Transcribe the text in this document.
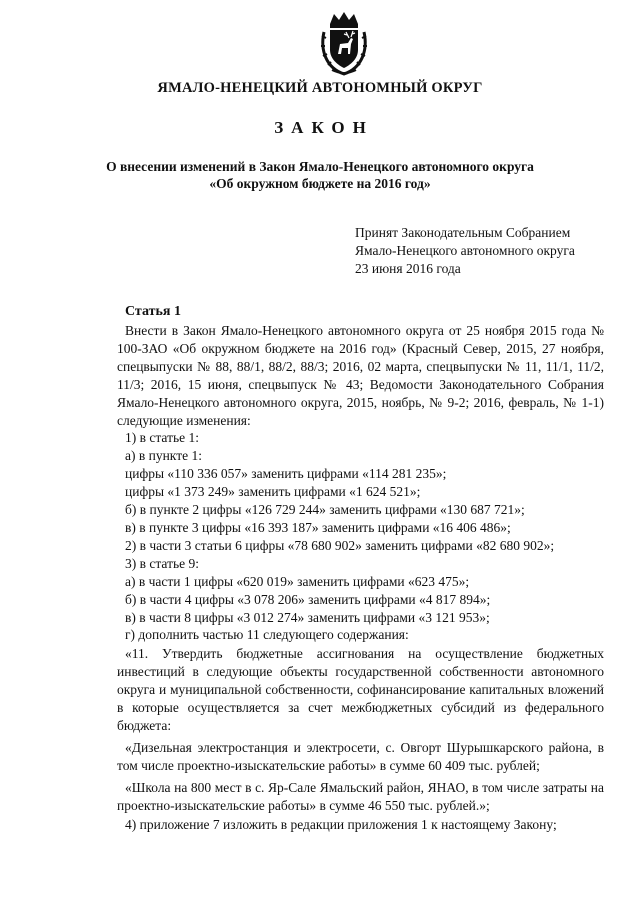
ЯМАЛО-НЕНЕЦКИЙ АВТОНОМНЫЙ ОКРУГ
ЗАКОН
О внесении изменений в Закон Ямало-Ненецкого автономного округа
«Об окружном бюджете на 2016 год»
Принят Законодательным Собранием
Ямало-Ненецкого автономного округа
23 июня 2016 года
Статья 1

Внести в Закон Ямало-Ненецкого автономного округа от 25 ноября 2015 года № 100-ЗАО «Об окружном бюджете на 2016 год» (Красный Север, 2015, 27 ноября, спецвыпуски № 88, 88/1, 88/2, 88/3; 2016, 02 марта, спецвыпуски № 11, 11/1, 11/2, 11/3; 2016, 15 июня, спецвыпуск № 43; Ведомости Законодательного Собрания Ямало-Ненецкого автономного округа, 2015, ноябрь, № 9-2; 2016, февраль, № 1-1) следующие изменения:

1) в статье 1:
а) в пункте 1:
цифры «110 336 057» заменить цифрами «114 281 235»;
цифры «1 373 249» заменить цифрами «1 624 521»;
б) в пункте 2 цифры «126 729 244» заменить цифрами «130 687 721»;
в) в пункте 3 цифры «16 393 187» заменить цифрами «16 406 486»;
2) в части 3 статьи 6 цифры «78 680 902» заменить цифрами «82 680 902»;
3) в статье 9:
а) в части 1 цифры «620 019» заменить цифрами «623 475»;
б) в части 4 цифры «3 078 206» заменить цифрами «4 817 894»;
в) в части 8 цифры «3 012 274» заменить цифрами «3 121 953»;
г) дополнить частью 11 следующего содержания:

«11. Утвердить бюджетные ассигнования на осуществление бюджетных инвестиций в следующие объекты государственной собственности автономного округа и муниципальной собственности, софинансирование капитальных вложений в которые осуществляется за счет межбюджетных субсидий из федерального бюджета:

«Дизельная электростанция и электросети, с. Овгорт Шурышкарского района, в том числе проектно-изыскательские работы» в сумме 60 409 тыс. рублей;

«Школа на 800 мест в с. Яр-Сале Ямальский район, ЯНАО, в том числе затраты на проектно-изыскательские работы» в сумме 46 550 тыс. рублей.»;

4) приложение 7 изложить в редакции приложения 1 к настоящему Закону;
